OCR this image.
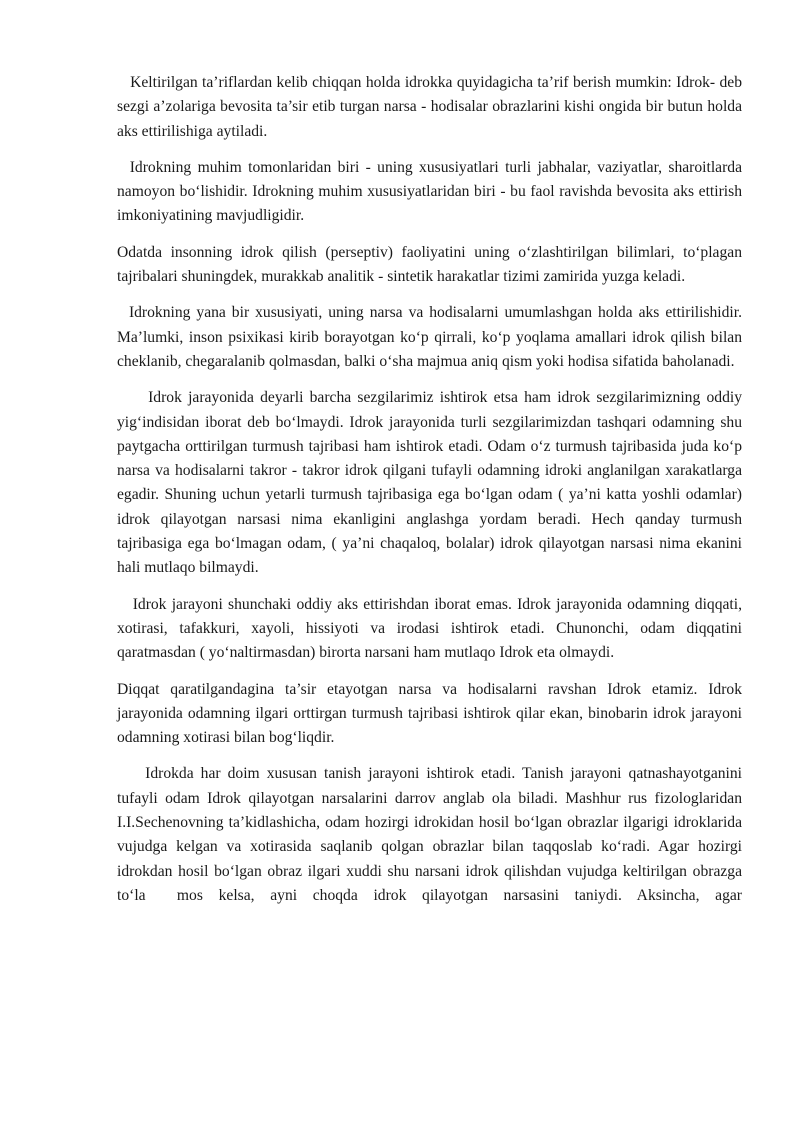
Keltirilgan ta’riflardan kelib chiqqan holda idrokka quyidagicha ta’rif berish mumkin: Idrok- deb sezgi a’zolariga bevosita ta’sir etib turgan narsa - hodisalar obrazlarini kishi ongida bir butun holda aks ettirilishiga aytiladi.

Idrokning muhim tomonlaridan biri - uning xususiyatlari turli jabhalar, vaziyatlar, sharoitlarda namoyon bo‘lishidir. Idrokning muhim xususiyatlaridan biri - bu faol ravishda bevosita aks ettirish imkoniyatining mavjudligidir.

Odatda insonning idrok qilish (perseptiv) faoliyatini uning o‘zlashtirilgan bilimlari, to‘plagan tajribalari shuningdek, murakkab analitik - sintetik harakatlar tizimi zamirida yuzga keladi.

Idrokning yana bir xususiyati, uning narsa va hodisalarni umumlashgan holda aks ettirilishidir. Ma’lumki, inson psixikasi kirib borayotgan ko‘p qirrali, ko‘p yoqlama amallari idrok qilish bilan cheklanib, chegaralanib qolmasdan, balki o‘sha majmua aniq qism yoki hodisa sifatida baholanadi.

Idrok jarayonida deyarli barcha sezgilarimiz ishtirok etsa ham idrok sezgilarimizning oddiy yig‘indisidan iborat deb bo‘lmaydi. Idrok jarayonida turli sezgilarimizdan tashqari odamning shu paytgacha orttirilgan turmush tajribasi ham ishtirok etadi. Odam o‘z turmush tajribasida juda ko‘p narsa va hodisalarni takror - takror idrok qilgani tufayli odamning idroki anglanilgan xarakatlarga egadir. Shuning uchun yetarli turmush tajribasiga ega bo‘lgan odam ( ya’ni katta yoshli odamlar) idrok qilayotgan narsasi nima ekanligini anglashga yordam beradi. Hech qanday turmush tajribasiga ega bo‘lmagan odam, ( ya’ni chaqaloq, bolalar) idrok qilayotgan narsasi nima ekanini hali mutlaqo bilmaydi.

Idrok jarayoni shunchaki oddiy aks ettirishdan iborat emas. Idrok jarayonida odamning diqqati, xotirasi, tafakkuri, xayoli, hissiyoti va irodasi ishtirok etadi. Chunonchi, odam diqqatini qaratmasdan ( yo‘naltirmasdan) birorta narsani ham mutlaqo Idrok eta olmaydi.

Diqqat qaratilgandagina ta’sir etayotgan narsa va hodisalarni ravshan Idrok etamiz. Idrok jarayonida odamning ilgari orttirgan turmush tajribasi ishtirok qilar ekan, binobarin idrok jarayoni odamning xotirasi bilan bog‘liqdir.

Idrokda har doim xususan tanish jarayoni ishtirok etadi. Tanish jarayoni qatnashayotganini tufayli odam Idrok qilayotgan narsalarini darrov anglab ola biladi. Mashhur rus fizologlaridan I.I.Sechenovning ta’kidlashicha, odam hozirgi idrokidan hosil bo‘lgan obrazlar ilgarigi idroklarida vujudga kelgan va xotirasida saqlanib qolgan obrazlar bilan taqqoslab ko‘radi. Agar hozirgi idrokdan hosil bo‘lgan obraz ilgari xuddi shu narsani idrok qilishdan vujudga keltirilgan obrazga to‘la  mos kelsa, ayni choqda idrok qilayotgan narsasini taniydi. Aksincha, agar
